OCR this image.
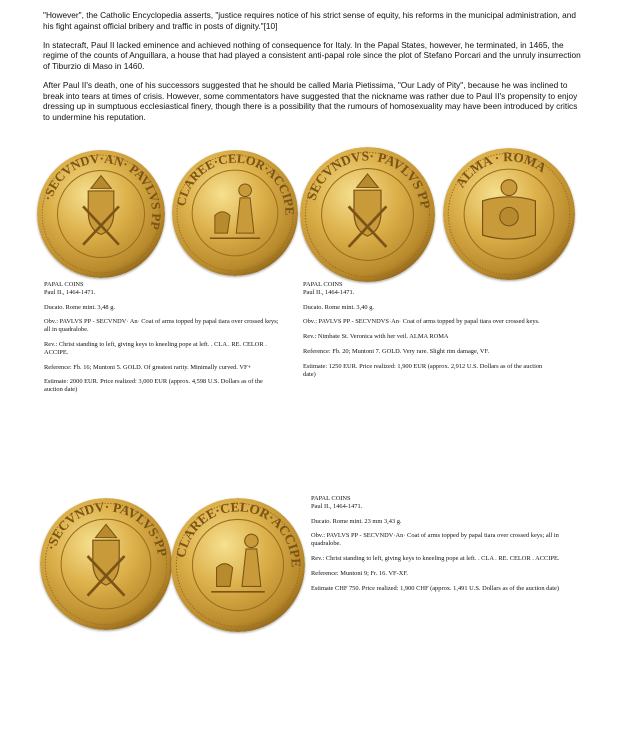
"However", the Catholic Encyclopedia asserts, "justice requires notice of his strict sense of equity, his reforms in the municipal administration, and his fight against official bribery and traffic in posts of dignity."[10]

In statecraft, Paul II lacked eminence and achieved nothing of consequence for Italy. In the Papal States, however, he terminated, in 1465, the regime of the counts of Anguillara, a house that had played a consistent anti-papal role since the plot of Stefano Porcari and the unruly insurrection of Tiburzio di Maso in 1460.

After Paul II's death, one of his successors suggested that he should be called Maria Pietissima, "Our Lady of Pity", because he was inclined to break into tears at times of crisis. However, some commentators have suggested that the nickname was rather due to Paul II's propensity to enjoy dressing up in sumptuous ecclesiastical finery, though there is a possibility that the rumours of homosexuality may have been introduced by critics to undermine his reputation.

·SECVNDV·AN· PAVLVS PP
CLAREE·CELOR·ACCIPE
SECVNDVS· PAVLVS PP
ALMA · ROMA
·SECVNDV· PAVLVS·PP CLAREE·CELOR·ACCIPE
PAPAL COINS
Paul II., 1464-1471.
Ducato. Rome mint. 3,48 g.
Obv.: PAVLVS PP - SECVNDV· An· Coat of arms topped by papal tiara over crossed keys; all in quadralobe.
Rev.: Christ standing to left, giving keys to kneeling pope at left. . CLA . RE. CELOR . ACCIPE.
Reference: Fb. 16; Muntoni 5. GOLD. Of greatest rarity. Minimally curved. VF+
Estimate: 2000 EUR. Price realized: 3,000 EUR (approx. 4,598 U.S. Dollars as of the auction date)
PAPAL COINS
Paul II., 1464-1471.
Ducato. Rome mint. 3,40 g.
Obv.: PAVLVS PP - SECVNDVS·An· Coat of arms topped by papal tiara over crossed keys.
Rev.: Nimbate St. Veronica with her veil. ALMA ROMA
Reference: Fb. 20; Muntoni 7. GOLD. Very rare. Slight rim damage, VF.
Estimate: 1250 EUR. Price realized: 1,900 EUR (approx. 2,912 U.S. Dollars as of the auction date)
PAPAL COINS
Paul II., 1464-1471.
Ducato. Rome mint. 23 mm 3,43 g.
Obv.: PAVLVS PP - SECVNDV·An· Coat of arms topped by papal tiara over crossed keys; all in quadralobe.
Rev.: Christ standing to left, giving keys to kneeling pope at left. . CLA . RE. CELOR . ACCIPE.
Reference: Muntoni 9; Fr. 16. VF-XF.
Estimate CHF 750. Price realized: 1,900 CHF (approx. 1,491 U.S. Dollars as of the auction date)
